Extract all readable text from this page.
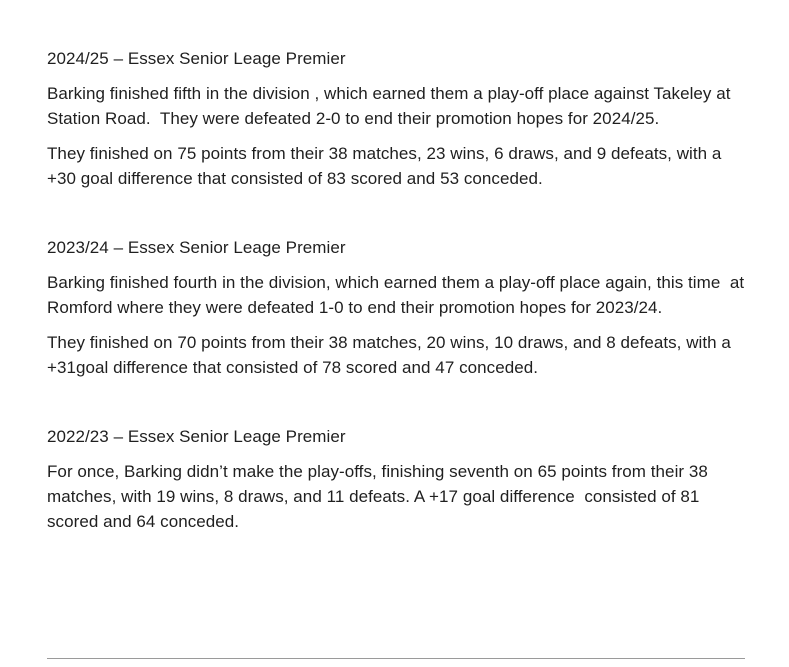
2024/25 – Essex Senior Leage Premier

Barking finished fifth in the division , which earned them a play-off place against Takeley at Station Road.  They were defeated 2-0 to end their promotion hopes for 2024/25.

They finished on 75 points from their 38 matches, 23 wins, 6 draws, and 9 defeats, with a +30 goal difference that consisted of 83 scored and 53 conceded.

2023/24 – Essex Senior Leage Premier

Barking finished fourth in the division, which earned them a play-off place again, this time  at Romford where they were defeated 1-0 to end their promotion hopes for 2023/24.

They finished on 70 points from their 38 matches, 20 wins, 10 draws, and 8 defeats, with a +31goal difference that consisted of 78 scored and 47 conceded.

2022/23 – Essex Senior Leage Premier

For once, Barking didn’t make the play-offs, finishing seventh on 65 points from their 38 matches, with 19 wins, 8 draws, and 11 defeats. A +17 goal difference  consisted of 81 scored and 64 conceded.
